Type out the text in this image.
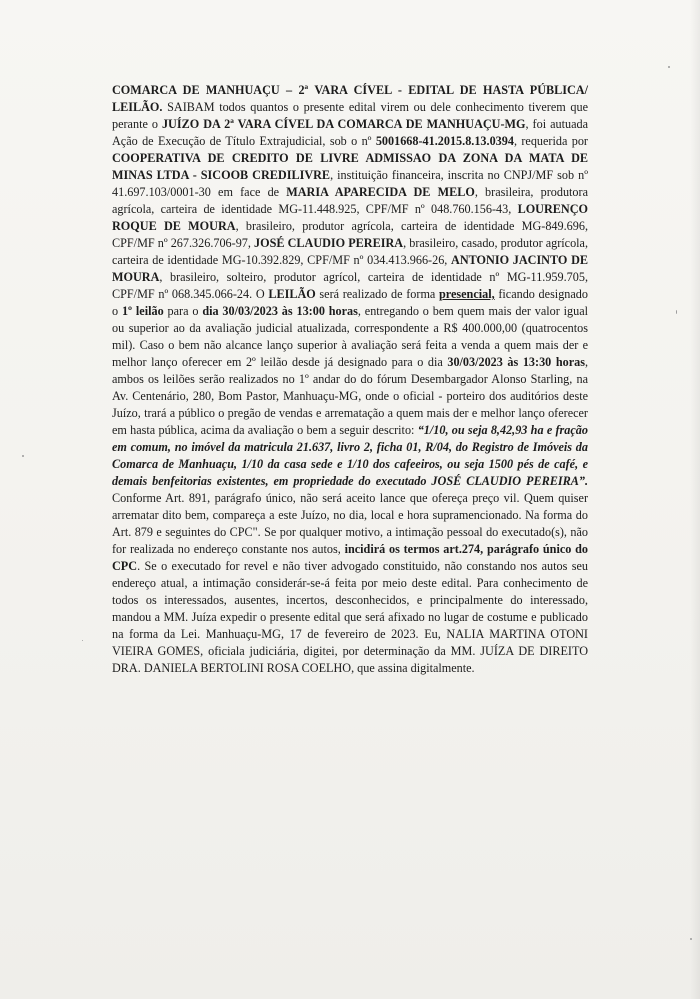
COMARCA DE MANHUAÇU – 2ª VARA CÍVEL - EDITAL DE HASTA PÚBLICA/ LEILÃO. SAIBAM todos quantos o presente edital virem ou dele conhecimento tiverem que perante o JUÍZO DA 2ª VARA CÍVEL DA COMARCA DE MANHUAÇU-MG, foi autuada Ação de Execução de Título Extrajudicial, sob o nº 5001668-41.2015.8.13.0394, requerida por COOPERATIVA DE CREDITO DE LIVRE ADMISSAO DA ZONA DA MATA DE MINAS LTDA - SICOOB CREDILIVRE, instituição financeira, inscrita no CNPJ/MF sob nº 41.697.103/0001-30 em face de MARIA APARECIDA DE MELO, brasileira, produtora agrícola, carteira de identidade MG-11.448.925, CPF/MF nº 048.760.156-43, LOURENÇO ROQUE DE MOURA, brasileiro, produtor agrícola, carteira de identidade MG-849.696, CPF/MF nº 267.326.706-97, JOSÉ CLAUDIO PEREIRA, brasileiro, casado, produtor agrícola, carteira de identidade MG-10.392.829, CPF/MF nº 034.413.966-26, ANTONIO JACINTO DE MOURA, brasileiro, solteiro, produtor agrícol, carteira de identidade nº MG-11.959.705, CPF/MF nº 068.345.066-24. O LEILÃO será realizado de forma presencial, ficando designado o 1º leilão para o dia 30/03/2023 às 13:00 horas, entregando o bem quem mais der valor igual ou superior ao da avaliação judicial atualizada, correspondente a R$ 400.000,00 (quatrocentos mil). Caso o bem não alcance lanço superior à avaliação será feita a venda a quem mais der e melhor lanço oferecer em 2º leilão desde já designado para o dia 30/03/2023 às 13:30 horas, ambos os leilões serão realizados no 1º andar do do fórum Desembargador Alonso Starling, na Av. Centenário, 280, Bom Pastor, Manhuaçu-MG, onde o oficial - porteiro dos auditórios deste Juízo, trará a público o pregão de vendas e arrematação a quem mais der e melhor lanço oferecer em hasta pública, acima da avaliação o bem a seguir descrito: “1/10, ou seja 8,42,93 ha e fração em comum, no imóvel da matricula 21.637, livro 2, ficha 01, R/04, do Registro de Imóveis da Comarca de Manhuaçu, 1/10 da casa sede e 1/10 dos cafeeiros, ou seja 1500 pés de café, e demais benfeitorias existentes, em propriedade do executado JOSÉ CLAUDIO PEREIRA”. Conforme Art. 891, parágrafo único, não será aceito lance que ofereça preço vil. Quem quiser arrematar dito bem, compareça a este Juízo, no dia, local e hora supramencionado. Na forma do Art. 879 e seguintes do CPC". Se por qualquer motivo, a intimação pessoal do executado(s), não for realizada no endereço constante nos autos, incidirá os termos art.274, parágrafo único do CPC. Se o executado for revel e não tiver advogado constituido, não constando nos autos seu endereço atual, a intimação considerár-se-á feita por meio deste edital. Para conhecimento de todos os interessados, ausentes, incertos, desconhecidos, e principalmente do interessado, mandou a MM. Juíza expedir o presente edital que será afixado no lugar de costume e publicado na forma da Lei. Manhuaçu-MG, 17 de fevereiro de 2023. Eu, NALIA MARTINA OTONI VIEIRA GOMES, oficiala judiciária, digitei, por determinação da MM. JUÍZA DE DIREITO DRA. DANIELA BERTOLINI ROSA COELHO, que assina digitalmente.
